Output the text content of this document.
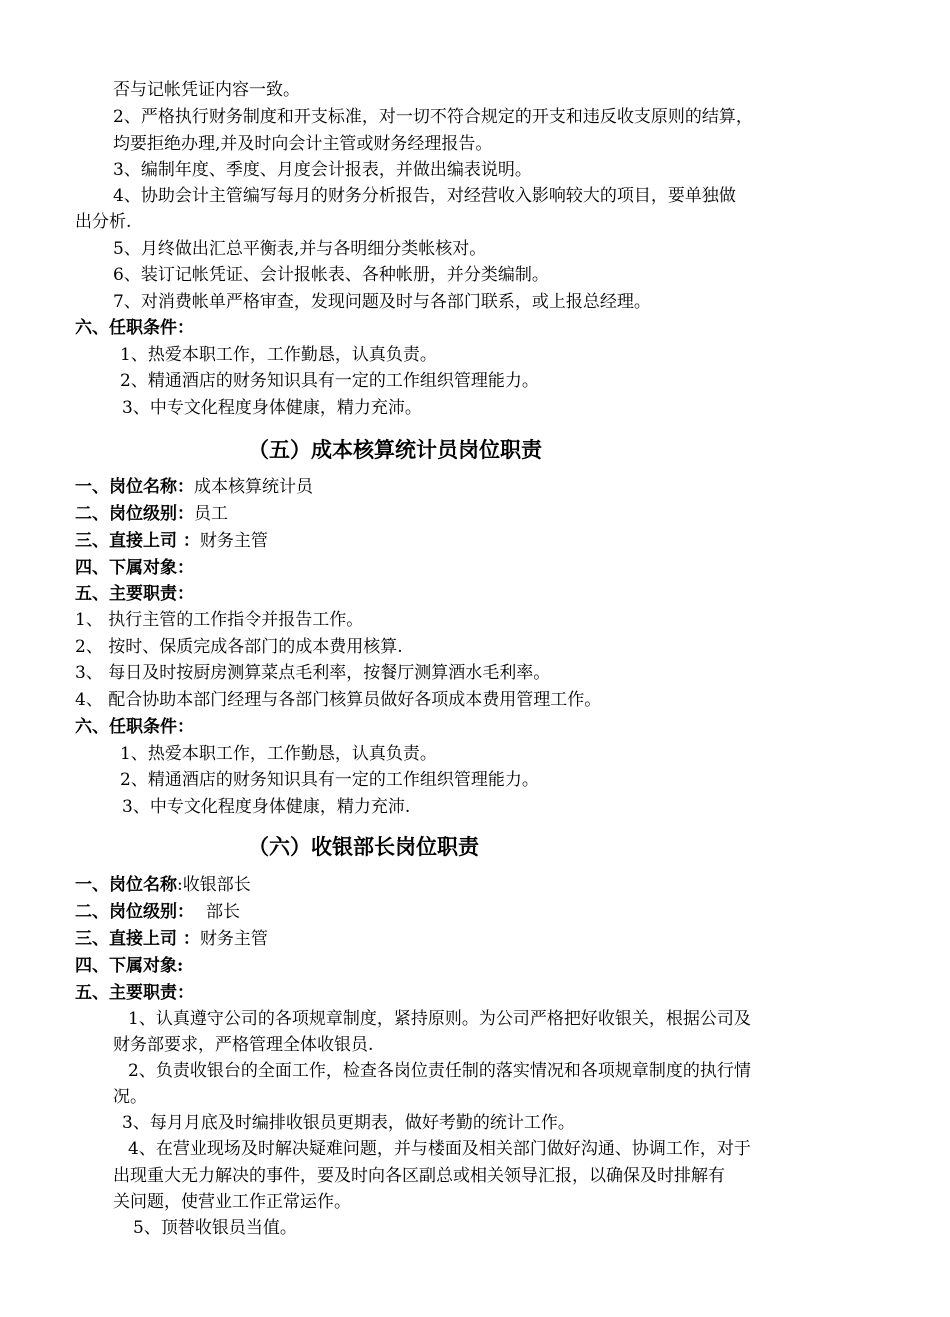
否与记帐凭证内容一致。
2、严格执行财务制度和开支标准，对一切不符合规定的开支和违反收支原则的结算，
均要拒绝办理,并及时向会计主管或财务经理报告。
3、编制年度、季度、月度会计报表，并做出编表说明。
4、协助会计主管编写每月的财务分析报告，对经营收入影响较大的项目，要单独做
出分析.
5、月终做出汇总平衡表,并与各明细分类帐核对。
6、装订记帐凭证、会计报帐表、各种帐册，并分类编制。
7、对消费帐单严格审查，发现问题及时与各部门联系，或上报总经理。
六、任职条件：
1、热爱本职工作，工作勤恳，认真负责。
2、精通酒店的财务知识具有一定的工作组织管理能力。
3、中专文化程度身体健康，精力充沛。
（五）成本核算统计员岗位职责
一、岗位名称：成本核算统计员
二、岗位级别：员工
三、直接上司 ：财务主管
四、下属对象：
五、主要职责：
1、 执行主管的工作指令并报告工作。
2、 按时、保质完成各部门的成本费用核算.
3、 每日及时按厨房测算菜点毛利率，按餐厅测算酒水毛利率。
4、 配合协助本部门经理与各部门核算员做好各项成本费用管理工作。
六、任职条件：
1、热爱本职工作，工作勤恳，认真负责。
2、精通酒店的财务知识具有一定的工作组织管理能力。
3、中专文化程度身体健康，精力充沛.
（六）收银部长岗位职责
一、岗位名称:收银部长
二、岗位级别： 部长
三、直接上司 ：财务主管
四、下属对象:
五、主要职责：
1、认真遵守公司的各项规章制度，紧持原则。为公司严格把好收银关，根据公司及
财务部要求，严格管理全体收银员.
2、负责收银台的全面工作，检查各岗位责任制的落实情况和各项规章制度的执行情
况。
3、每月月底及时编排收银员更期表，做好考勤的统计工作。
4、在营业现场及时解决疑难问题，并与楼面及相关部门做好沟通、协调工作，对于
出现重大无力解决的事件，要及时向各区副总或相关领导汇报，以确保及时排解有
关问题，使营业工作正常运作。
5、顶替收银员当值。
